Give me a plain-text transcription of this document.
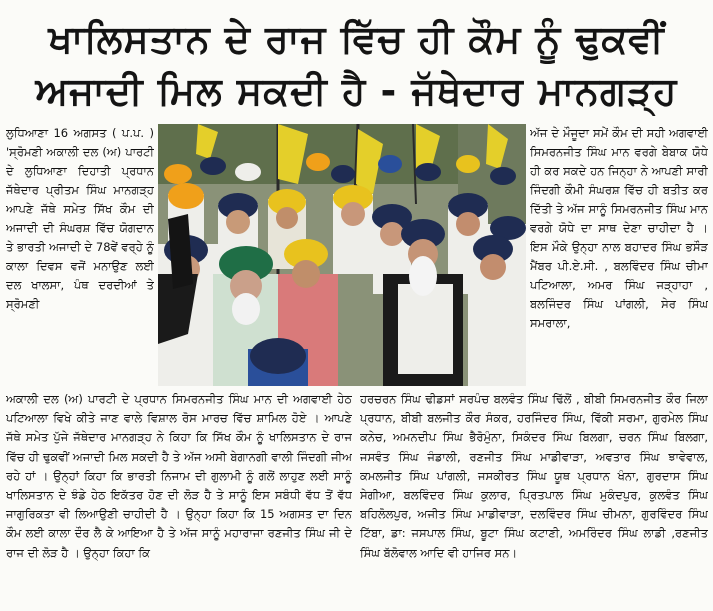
ਖਾਲਿਸਤਾਨ ਦੇ ਰਾਜ ਵਿੱਚ ਹੀ ਕੌਮ ਨੂੰ ਢੁਕਵੀਂ
ਅਜਾਦੀ ਮਿਲ ਸਕਦੀ ਹੈ - ਜੱਥੇਦਾਰ ਮਾਨਗੜ੍ਹ
ਲੁਧਿਆਣਾ 16 ਅਗਸਤ ( ਪ.ਪ. ) 'ਸ੍ਰੋਮਣੀ ਅਕਾਲੀ ਦਲ (ਅ) ਪਾਰਟੀ ਦੇ ਲੁਧਿਆਣਾ ਦਿਹਾਤੀ ਪ੍ਰਧਾਨ ਜੱਥੇਦਾਰ ਪ੍ਰੀਤਮ ਸਿੰਘ ਮਾਨਗੜ੍ਹ ਆਪਣੇ ਜੱਥੇ ਸਮੇਤ ਸਿੱਖ ਕੌਮ ਦੀ ਅਜਾਦੀ ਦੀ ਸੰਘਰਸ਼ ਵਿੱਚ ਯੋਗਦਾਨ ਤੇ ਭਾਰਤੀ ਅਜਾਦੀ ਦੇ 78ਵੇਂ ਵਰ੍ਹੇ ਨੂੰ ਕਾਲਾ ਦਿਵਸ ਵਜੋਂ ਮਨਾਉਣ ਲਈ ਦਲ ਖਾਲਸਾ, ਪੰਥ ਦਰਦੀਆਂ ਤੇ ਸ੍ਰੋਮਣੀ
ਅੱਜ ਦੇ ਮੌਜੂਦਾ ਸਮੇਂ ਕੌਮ ਦੀ ਸਹੀ ਅਗਵਾਈ ਸਿਮਰਨਜੀਤ ਸਿੰਘ ਮਾਨ ਵਰਗੇ ਬੇਬਾਕ ਯੋਧੇ ਹੀ ਕਰ ਸਕਦੇ ਹਨ ਜਿਨ੍ਹਾ ਨੇ ਆਪਣੀ ਸਾਰੀ ਜਿੰਦਗੀ ਕੌਮੀ ਸੰਘਰਸ਼ ਵਿੱਚ ਹੀ ਬਤੀਤ ਕਰ ਦਿੱਤੀ ਤੇ ਅੱਜ ਸਾਨੂੰ ਸਿਮਰਨਜੀਤ ਸਿੰਘ ਮਾਨ ਵਰਗੇ ਯੋਧੇ ਦਾ ਸਾਥ ਦੇਣਾ ਚਾਹੀਦਾ ਹੈ । ਇਸ ਮੌਕੇ ਉਨ੍ਹਾ ਨਾਲ ਬਹਾਦਰ ਸਿੰਘ ਭਸੌੜ ਮੈਂਬਰ ਪੀ.ਏ.ਸੀ. , ਬਲਵਿੰਦਰ ਸਿੰਘ ਚੀਮਾ ਪਟਿਆਲਾ, ਅਮਰ ਸਿੰਘ ਜੜ੍ਹਾਹਾ , ਬਲਜਿੰਦਰ ਸਿੰਘ ਪਾਂਗਲੀ, ਸੇਰ ਸਿੰਘ ਸਮਰਾਲਾ,
ਅਕਾਲੀ ਦਲ (ਅ) ਪਾਰਟੀ ਦੇ ਪ੍ਰਧਾਨ ਸਿਮਰਨਜੀਤ ਸਿੰਘ ਮਾਨ ਦੀ ਅਗਵਾਈ ਹੇਠ ਪਟਿਆਲਾ ਵਿਖੇ ਕੀਤੇ ਜਾਣ ਵਾਲੇ ਵਿਸ਼ਾਲ ਰੋਸ ਮਾਰਚ ਵਿੱਚ ਸ਼ਾਮਿਲ ਹੋਏ । ਆਪਣੇ ਜੱਥੇ ਸਮੇਤ ਪੁੱਜੇ ਜੱਥੇਦਾਰ ਮਾਨਗੜ੍ਹ ਨੇ ਕਿਹਾ ਕਿ ਸਿੱਖ ਕੌਮ ਨੂੰ ਖਾਲਿਸਤਾਨ ਦੇ ਰਾਜ ਵਿੱਚ ਹੀ ਢੁਕਵੀਂ ਅਜਾਦੀ ਮਿਲ ਸਕਦੀ ਹੈ ਤੇ ਅੱਜ ਅਸੀ ਬੇਗਾਨਗੀ ਵਾਲੀ ਜਿੰਦਗੀ ਜੀਅ ਰਹੇ ਹਾਂ । ਉਨ੍ਹਾਂ ਕਿਹਾ ਕਿ ਭਾਰਤੀ ਨਿਜਾਮ ਦੀ ਗੁਲਾਮੀ ਨੂੰ ਗਲੋਂ ਲਾਹੁਣ ਲਈ ਸਾਨੂੰ ਖਾਲਿਸਤਾਨ ਦੇ ਝੰਡੇ ਹੇਠ ਇਕੱਤਰ ਹੋਣ ਦੀ ਲੋੜ ਹੈ ਤੇ ਸਾਨੂੰ ਇਸ ਸਬੰਧੀ ਵੱਧ ਤੋਂ ਵੱਧ ਜਾਗੁਰਿਕਤਾ ਵੀ ਲਿਆਉਣੀ ਚਾਹੀਦੀ ਹੈ । ਉਨ੍ਹਾ ਕਿਹਾ ਕਿ 15 ਅਗਸਤ ਦਾ ਦਿਨ ਕੌਮ ਲਈ ਕਾਲਾ ਦੌਰ ਲੈ ਕੇ ਆਇਆ ਹੈ ਤੇ ਅੱਜ ਸਾਨੂੰ ਮਹਾਰਾਜਾ ਰਣਜੀਤ ਸਿੰਘ ਜੀ ਦੇ ਰਾਜ ਦੀ ਲੋੜ ਹੈ । ਉਨ੍ਹਾ ਕਿਹਾ ਕਿ
ਹਰਚਰਨ ਸਿੰਘ ਢੀਡਸਾਂ ਸਰਪੰਚ ਬਲਵੰਤ ਸਿੰਘ ਢਿੱਲੋਂ , ਬੀਬੀ ਸਿਮਰਨਜੀਤ ਕੌਰ ਜਿਲਾ ਪ੍ਰਧਾਨ, ਬੀਬੀ ਬਲਜੀਤ ਕੌਰ ਸੰਕਰ, ਹਰਜਿੰਦਰ ਸਿੰਘ, ਵਿੱਕੀ ਸਰਮਾ, ਗੁਰਮੇਲ ਸਿੰਘ ਕਨੇਚ, ਅਮਨਦੀਪ ਸਿੰਘ ਭੈਰੋਮੁੰਨਾ, ਸਿਕੰਦਰ ਸਿੰਘ ਬਿਲਗਾ, ਚਰਨ ਸਿੰਘ ਬਿਲਗਾ, ਜਸਵੰਤ ਸਿੰਘ ਜੰਡਾਲੀ, ਰਣਜੀਤ ਸਿੰਘ ਮਾਡੀਵਾੜਾ, ਅਵਤਾਰ ਸਿੰਘ ਝਾਵੇਵਾਲ, ਕਮਲਜੀਤ ਸਿੰਘ ਪਾਂਗਲੀ, ਜਸਕੀਰਤ ਸਿੰਘ ਯੂਥ ਪ੍ਰਧਾਨ ਖੰਨਾ, ਗੁਰਦਾਸ ਸਿੰਘ ਸੇਗੀਆ, ਬਲਵਿੰਦਰ ਸਿੰਘ ਕੁਲਾਰ, ਪ੍ਰਿਤਪਾਲ ਸਿੰਘ ਮੁਕੰਦਪੁਰ, ਕੁਲਵੰਤ ਸਿੰਘ ਬਹਿਲੋਲਪੁਰ, ਅਜੀਤ ਸਿੰਘ ਮਾਡੀਵਾੜਾ, ਦਲਵਿੰਦਰ ਸਿੰਘ ਚੀਮਨਾ, ਗੁਰਵਿੰਦਰ ਸਿੰਘ ਟਿੱਬਾ, ਡਾ: ਜਸਪਾਲ ਸਿੰਘ, ਬੂਟਾ ਸਿੰਘ ਕਟਾਣੀ, ਅਮਰਿੰਦਰ ਸਿੰਘ ਲਾਡੀ ,ਰਣਜੀਤ ਸਿੰਘ ਬੱਲੋਵਾਲ ਆਦਿ ਵੀ ਹਾਜਿਰ ਸਨ।
